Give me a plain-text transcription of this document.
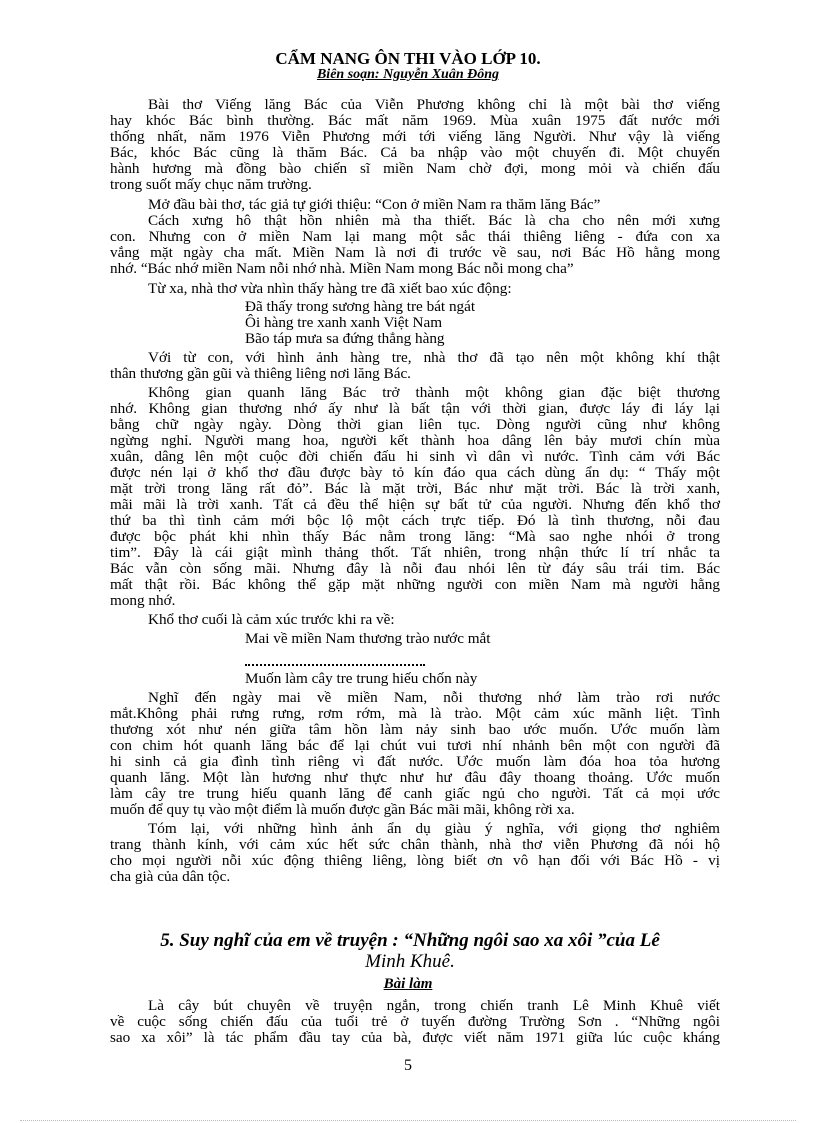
CẨM NANG ÔN THI VÀO LỚP 10.
Biên soạn: Nguyễn Xuân Đông
Bài thơ Viếng lăng Bác của Viễn Phương không chỉ là một bài thơ viếng
hay khóc Bác bình thường. Bác mất năm 1969. Mùa xuân 1975 đất nước mới
thống nhất, năm 1976 Viễn Phương mới tới viếng lăng Người. Như vậy là viếng
Bác, khóc Bác cũng là thăm Bác. Cả ba nhập vào một chuyến đi. Một chuyến
hành hương mà đồng bào chiến sĩ miền Nam chờ đợi, mong mỏi và chiến đấu
trong suốt mấy chục năm trường.
Mở đầu bài thơ, tác giả tự giới thiệu: “Con ở miền Nam ra thăm lăng Bác”
Cách xưng hô thật hồn nhiên mà tha thiết. Bác là cha cho nên mới xưng
con. Nhưng con ở miền Nam lại mang một sắc thái thiêng liêng - đứa con xa
vắng mặt ngày cha mất. Miền Nam là nơi đi trước về sau, nơi Bác Hồ hằng mong
nhớ. “Bác nhớ miền Nam nỗi nhớ nhà. Miền Nam mong Bác nỗi mong cha”
Từ xa, nhà thơ vừa nhìn thấy hàng tre đã xiết bao xúc động:
Đã thấy trong sương hàng tre bát ngát
Ôi hàng tre xanh xanh Việt Nam
Bão táp mưa sa đứng thẳng hàng
Với từ con, với hình ảnh hàng tre, nhà thơ đã tạo nên một không khí thật
thân thương gần gũi và thiêng liêng nơi lăng Bác.
Không gian quanh lăng Bác trở thành một không gian đặc biệt thương
nhớ. Không gian thương nhớ ấy như là bất tận với thời gian, được láy đi láy lại
bằng chữ ngày ngày. Dòng thời gian liên tục. Dòng người cũng như không
ngừng nghỉ. Người mang hoa, người kết thành hoa dâng lên bảy mươi chín mùa
xuân, dâng lên một cuộc đời chiến đấu hi sinh vì dân vì nước. Tình cảm với Bác
được nén lại ở khổ thơ đầu được bày tỏ kín đáo qua cách dùng ẩn dụ: “ Thấy một
mặt trời trong lăng rất đỏ”. Bác là mặt trời, Bác như mặt trời. Bác là trời xanh,
mãi mãi là trời xanh. Tất cả đều thể hiện sự bất tử của người. Nhưng đến khổ thơ
thứ ba thì tình cảm mới bộc lộ một cách trực tiếp. Đó là tình thương, nỗi đau
được bộc phát khi nhìn thấy Bác nằm trong lăng: “Mà sao nghe nhói ở trong
tim”. Đây là cái giật mình thảng thốt. Tất nhiên, trong nhận thức lí trí nhắc ta
Bác vẫn còn sống mãi. Nhưng đây là nỗi đau nhói lên từ đáy sâu trái tim. Bác
mất thật rồi. Bác không thể gặp mặt những người con miền Nam mà người hằng
mong nhớ.
Khổ thơ cuối là cảm xúc trước khi ra về:
Mai về miền Nam thương trào nước mắt
Muốn làm cây tre trung hiếu chốn này
Nghĩ đến ngày mai về miền Nam, nỗi thương nhớ làm trào rơi nước
mắt.Không phải rưng rưng, rơm rớm, mà là trào. Một cảm xúc mãnh liệt. Tình
thương xót như nén giữa tâm hồn làm nảy sinh bao ước muốn. Ước muốn làm
con chim hót quanh lăng bác để lại chút vui tươi nhí nhảnh bên một con người đã
hi sinh cả gia đình tình riêng vì đất nước. Ước muốn làm đóa hoa tỏa hương
quanh lăng. Một làn hương như thực như hư đâu đây thoang thoảng. Ước muốn
làm cây tre trung hiếu quanh lăng để canh giấc ngủ cho người. Tất cả mọi ước
muốn để quy tụ vào một điểm là muốn được gần Bác mãi mãi, không rời xa.
Tóm lại, với những hình ảnh ẩn dụ giàu ý nghĩa, với giọng thơ nghiêm
trang thành kính, với cảm xúc hết sức chân thành, nhà thơ viễn Phương đã nói hộ
cho mọi người nỗi xúc động thiêng liêng, lòng biết ơn vô hạn đối với Bác Hồ - vị
cha già của dân tộc.
5. Suy nghĩ của em về truyện : “Những ngôi sao xa xôi ”của Lê
Minh Khuê.
Bài làm
Là cây bút chuyên về truyện ngắn, trong chiến tranh Lê Minh Khuê viết
về cuộc sống chiến đấu của tuổi trẻ ở tuyến đường Trường Sơn . “Những ngôi
sao xa xôi” là tác phẩm đầu tay của bà, được viết năm 1971 giữa lúc cuộc kháng
5
